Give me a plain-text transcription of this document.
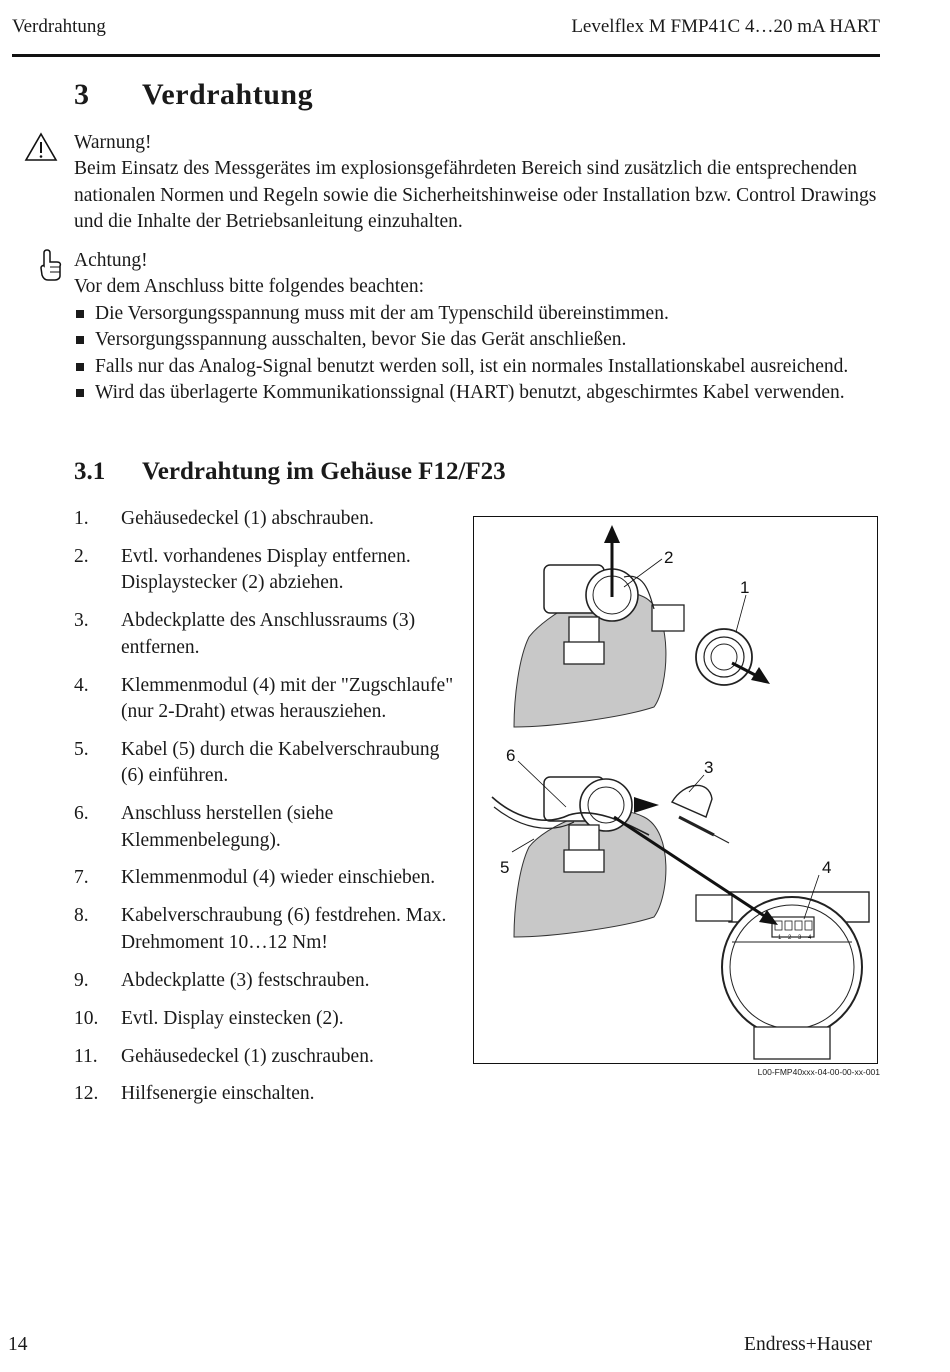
Verdrahtung	Levelflex M FMP41C 4…20 mA HART
3 Verdrahtung

Warnung!

Beim Einsatz des Messgerätes im explosionsgefährdeten Bereich sind zusätzlich die entsprechenden nationalen Normen und Regeln sowie die Sicherheitshinweise oder Installation bzw. Control Drawings und die Inhalte der Betriebsanleitung einzuhalten.

Achtung!

Vor dem Anschluss bitte folgendes beachten:

Die Versorgungsspannung muss mit der am Typenschild übereinstimmen.
Versorgungsspannung ausschalten, bevor Sie das Gerät anschließen.
Falls nur das Analog-Signal benutzt werden soll, ist ein normales Installationskabel ausreichend.
Wird das überlagerte Kommunikationssignal (HART) benutzt, abgeschirmtes Kabel verwenden.
3.1 Verdrahtung im Gehäuse F12/F23
1. Gehäusedeckel (1) abschrauben.
2. Evtl. vorhandenes Display entfernen. Displaystecker (2) abziehen.
3. Abdeckplatte des Anschlussraums (3) entfernen.
4. Klemmenmodul (4) mit der "Zugschlaufe" (nur 2-Draht) etwas herausziehen.
5. Kabel (5) durch die Kabelverschraubung (6) einführen.
6. Anschluss herstellen (siehe Klemmenbelegung).
7. Klemmenmodul (4) wieder einschieben.
8. Kabelverschraubung (6) festdrehen. Max. Drehmoment 10…12 Nm!
9. Abdeckplatte (3) festschrauben.
10. Evtl. Display einstecken (2).
11. Gehäusedeckel (1) zuschrauben.
12. Hilfsenergie einschalten.
2
1
3
5
6
1 2 3 4
4
L00-FMP40xxx-04-00-00-xx-001
14	Endress+Hauser
